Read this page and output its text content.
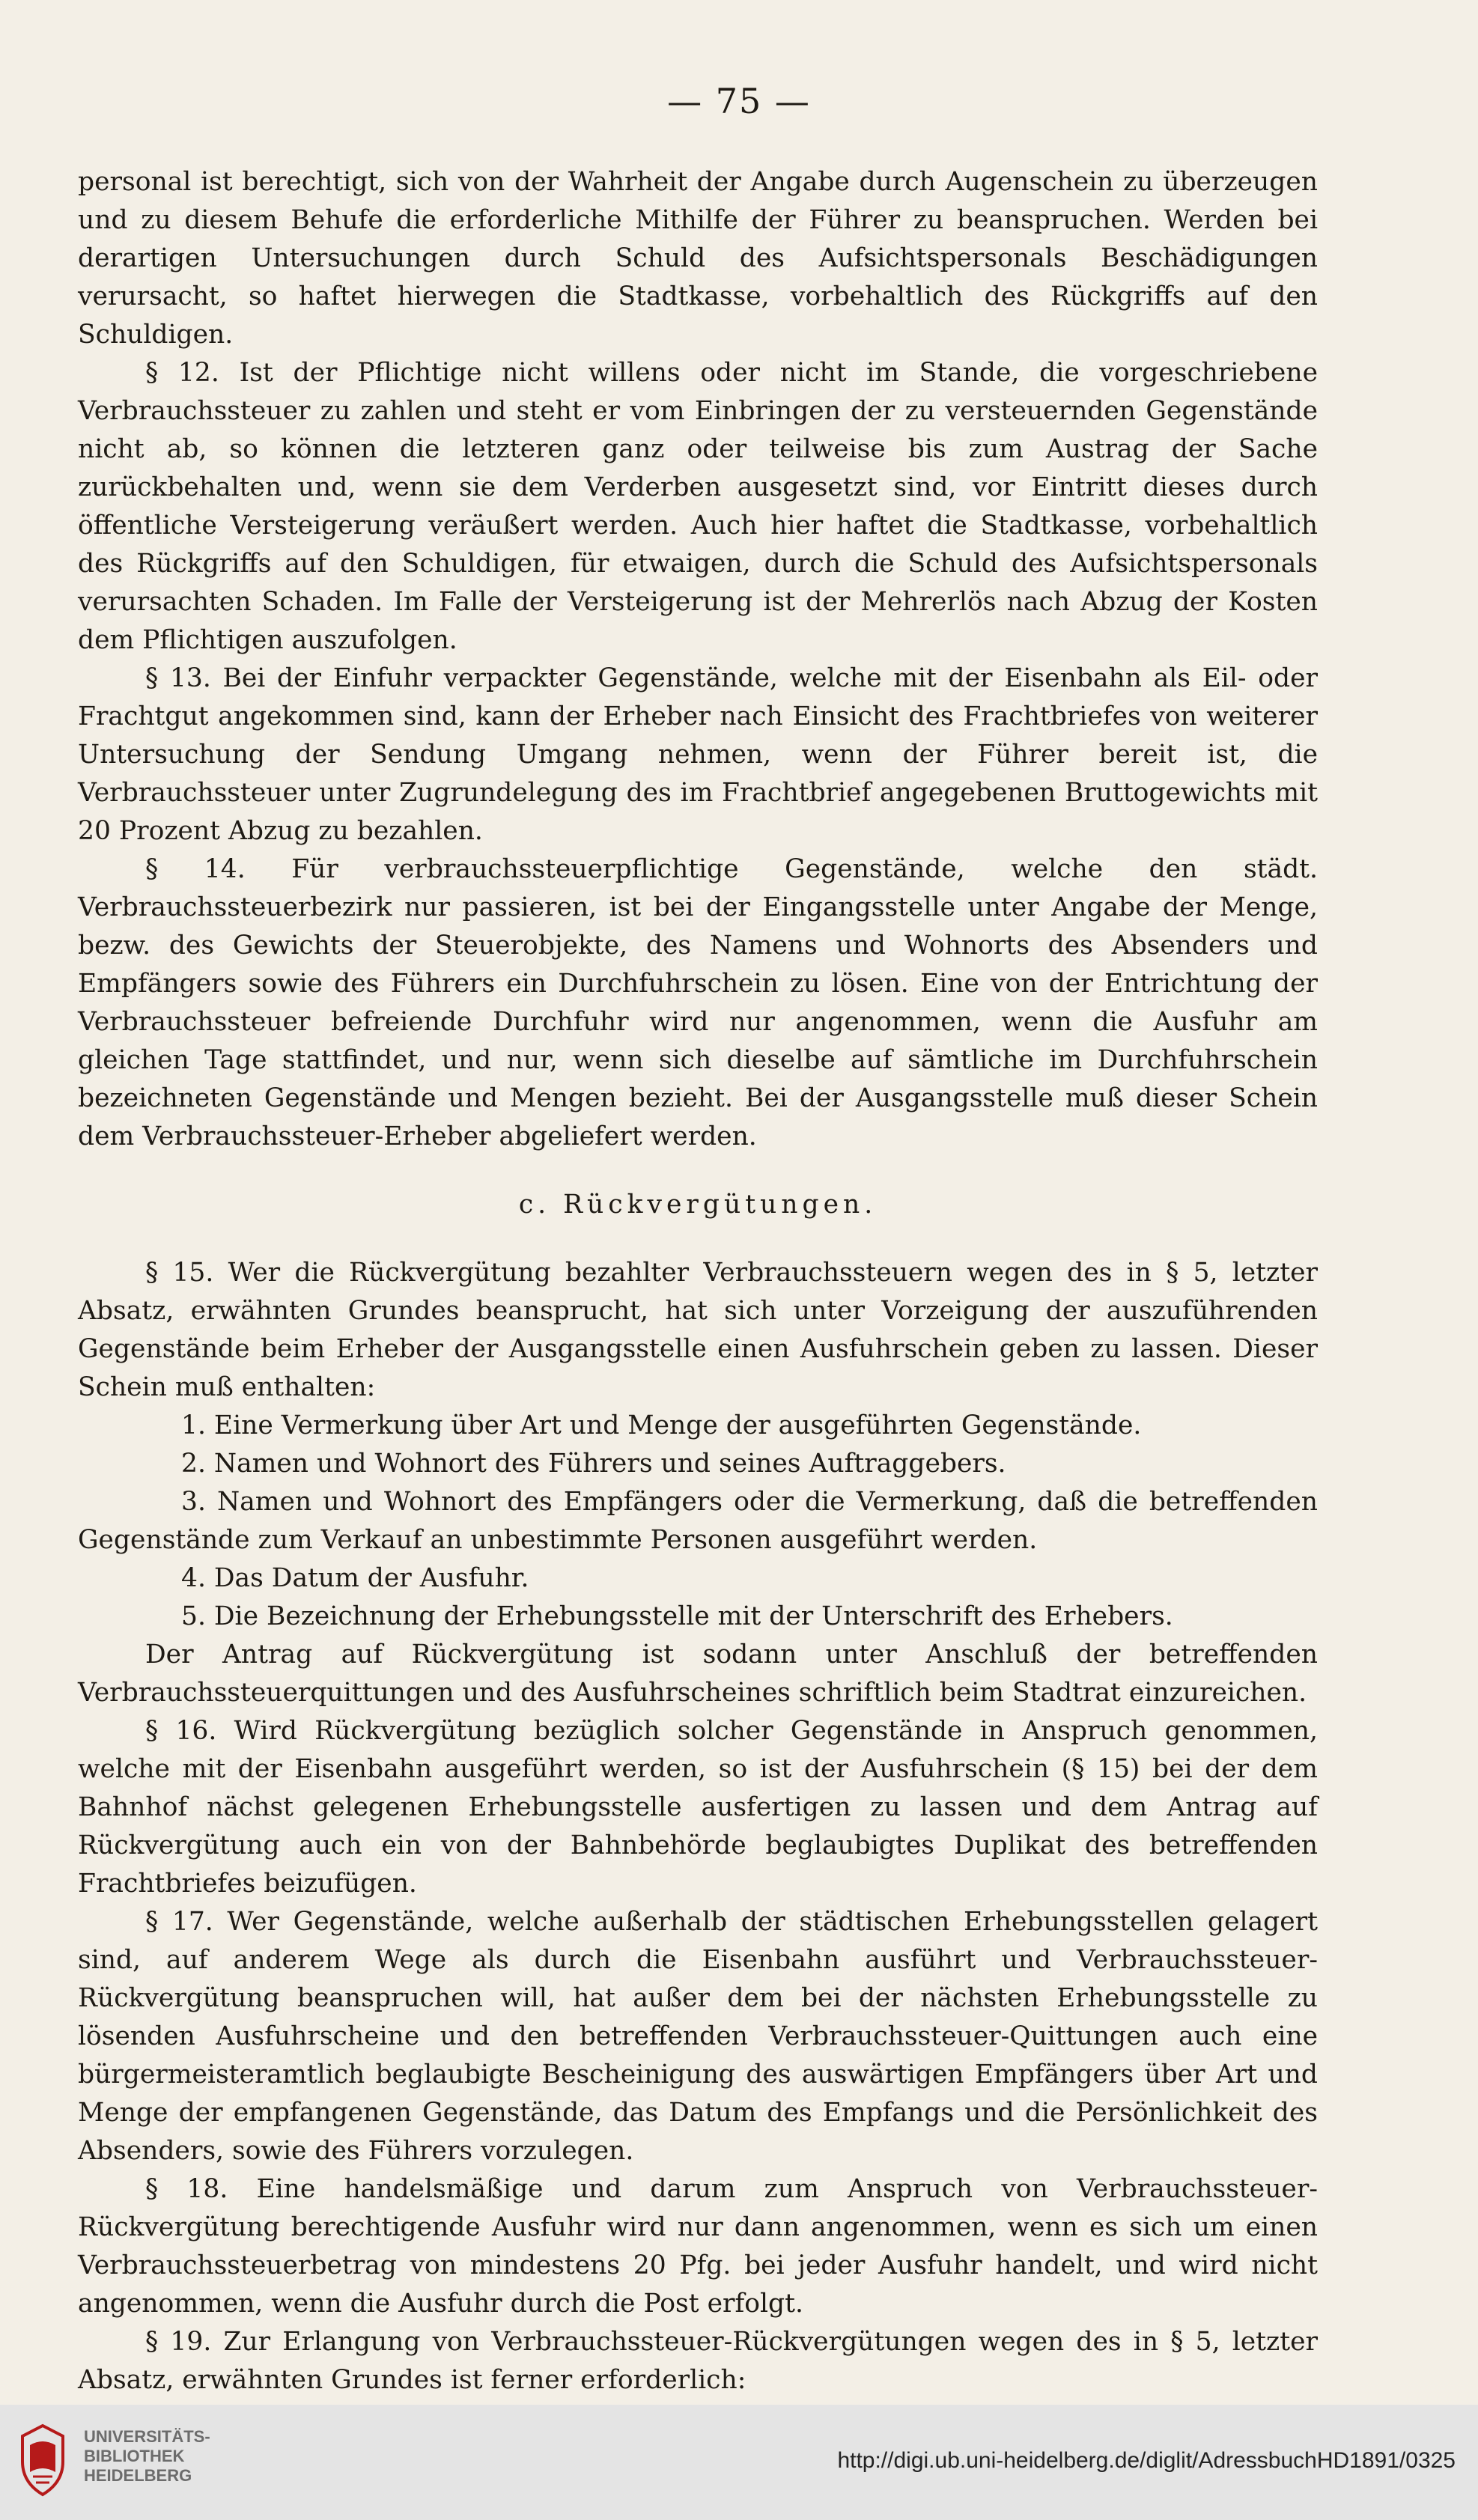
— 75 —

personal ist berechtigt, sich von der Wahrheit der Angabe durch Augenschein zu überzeugen und zu diesem Behufe die erforderliche Mithilfe der Führer zu beanspruchen. Werden bei derartigen Untersuchungen durch Schuld des Aufsichtspersonals Beschädigungen verursacht, so haftet hierwegen die Stadtkasse, vorbehaltlich des Rückgriffs auf den Schuldigen.

§ 12. Ist der Pflichtige nicht willens oder nicht im Stande, die vorgeschriebene Verbrauchssteuer zu zahlen und steht er vom Einbringen der zu versteuernden Gegenstände nicht ab, so können die letzteren ganz oder teilweise bis zum Austrag der Sache zurückbehalten und, wenn sie dem Verderben ausgesetzt sind, vor Eintritt dieses durch öffentliche Versteigerung veräußert werden. Auch hier haftet die Stadtkasse, vorbehaltlich des Rückgriffs auf den Schuldigen, für etwaigen, durch die Schuld des Aufsichtspersonals verursachten Schaden. Im Falle der Versteigerung ist der Mehrerlös nach Abzug der Kosten dem Pflichtigen auszufolgen.

§ 13. Bei der Einfuhr verpackter Gegenstände, welche mit der Eisenbahn als Eil- oder Frachtgut angekommen sind, kann der Erheber nach Einsicht des Frachtbriefes von weiterer Untersuchung der Sendung Umgang nehmen, wenn der Führer bereit ist, die Verbrauchssteuer unter Zugrundelegung des im Frachtbrief angegebenen Bruttogewichts mit 20 Prozent Abzug zu bezahlen.

§ 14. Für verbrauchssteuerpflichtige Gegenstände, welche den städt. Verbrauchssteuerbezirk nur passieren, ist bei der Eingangsstelle unter Angabe der Menge, bezw. des Gewichts der Steuerobjekte, des Namens und Wohnorts des Absenders und Empfängers sowie des Führers ein Durchfuhrschein zu lösen. Eine von der Entrichtung der Verbrauchssteuer befreiende Durchfuhr wird nur angenommen, wenn die Ausfuhr am gleichen Tage stattfindet, und nur, wenn sich dieselbe auf sämtliche im Durchfuhrschein bezeichneten Gegenstände und Mengen bezieht. Bei der Ausgangsstelle muß dieser Schein dem Verbrauchssteuer-Erheber abgeliefert werden.

c. Rückvergütungen.

§ 15. Wer die Rückvergütung bezahlter Verbrauchssteuern wegen des in § 5, letzter Absatz, erwähnten Grundes beansprucht, hat sich unter Vorzeigung der auszuführenden Gegenstände beim Erheber der Ausgangsstelle einen Ausfuhrschein geben zu lassen. Dieser Schein muß enthalten:

1. Eine Vermerkung über Art und Menge der ausgeführten Gegenstände.

2. Namen und Wohnort des Führers und seines Auftraggebers.

3. Namen und Wohnort des Empfängers oder die Vermerkung, daß die betreffenden Gegenstände zum Verkauf an unbestimmte Personen ausgeführt werden.

4. Das Datum der Ausfuhr.

5. Die Bezeichnung der Erhebungsstelle mit der Unterschrift des Erhebers.

Der Antrag auf Rückvergütung ist sodann unter Anschluß der betreffenden Verbrauchssteuerquittungen und des Ausfuhrscheines schriftlich beim Stadtrat einzureichen.

§ 16. Wird Rückvergütung bezüglich solcher Gegenstände in Anspruch genommen, welche mit der Eisenbahn ausgeführt werden, so ist der Ausfuhrschein (§ 15) bei der dem Bahnhof nächst gelegenen Erhebungsstelle ausfertigen zu lassen und dem Antrag auf Rückvergütung auch ein von der Bahnbehörde beglaubigtes Duplikat des betreffenden Frachtbriefes beizufügen.

§ 17. Wer Gegenstände, welche außerhalb der städtischen Erhebungsstellen gelagert sind, auf anderem Wege als durch die Eisenbahn ausführt und Verbrauchssteuer-Rückvergütung beanspruchen will, hat außer dem bei der nächsten Erhebungsstelle zu lösenden Ausfuhrscheine und den betreffenden Verbrauchssteuer-Quittungen auch eine bürgermeisteramtlich beglaubigte Bescheinigung des auswärtigen Empfängers über Art und Menge der empfangenen Gegenstände, das Datum des Empfangs und die Persönlichkeit des Absenders, sowie des Führers vorzulegen.

§ 18. Eine handelsmäßige und darum zum Anspruch von Verbrauchssteuer-Rückvergütung berechtigende Ausfuhr wird nur dann angenommen, wenn es sich um einen Verbrauchssteuerbetrag von mindestens 20 Pfg. bei jeder Ausfuhr handelt, und wird nicht angenommen, wenn die Ausfuhr durch die Post erfolgt.

§ 19. Zur Erlangung von Verbrauchssteuer-Rückvergütungen wegen des in § 5, letzter Absatz, erwähnten Grundes ist ferner erforderlich:

UNIVERSITÄTS-
BIBLIOTHEK
HEIDELBERG
http://digi.ub.uni-heidelberg.de/diglit/AdressbuchHD1891/0325
